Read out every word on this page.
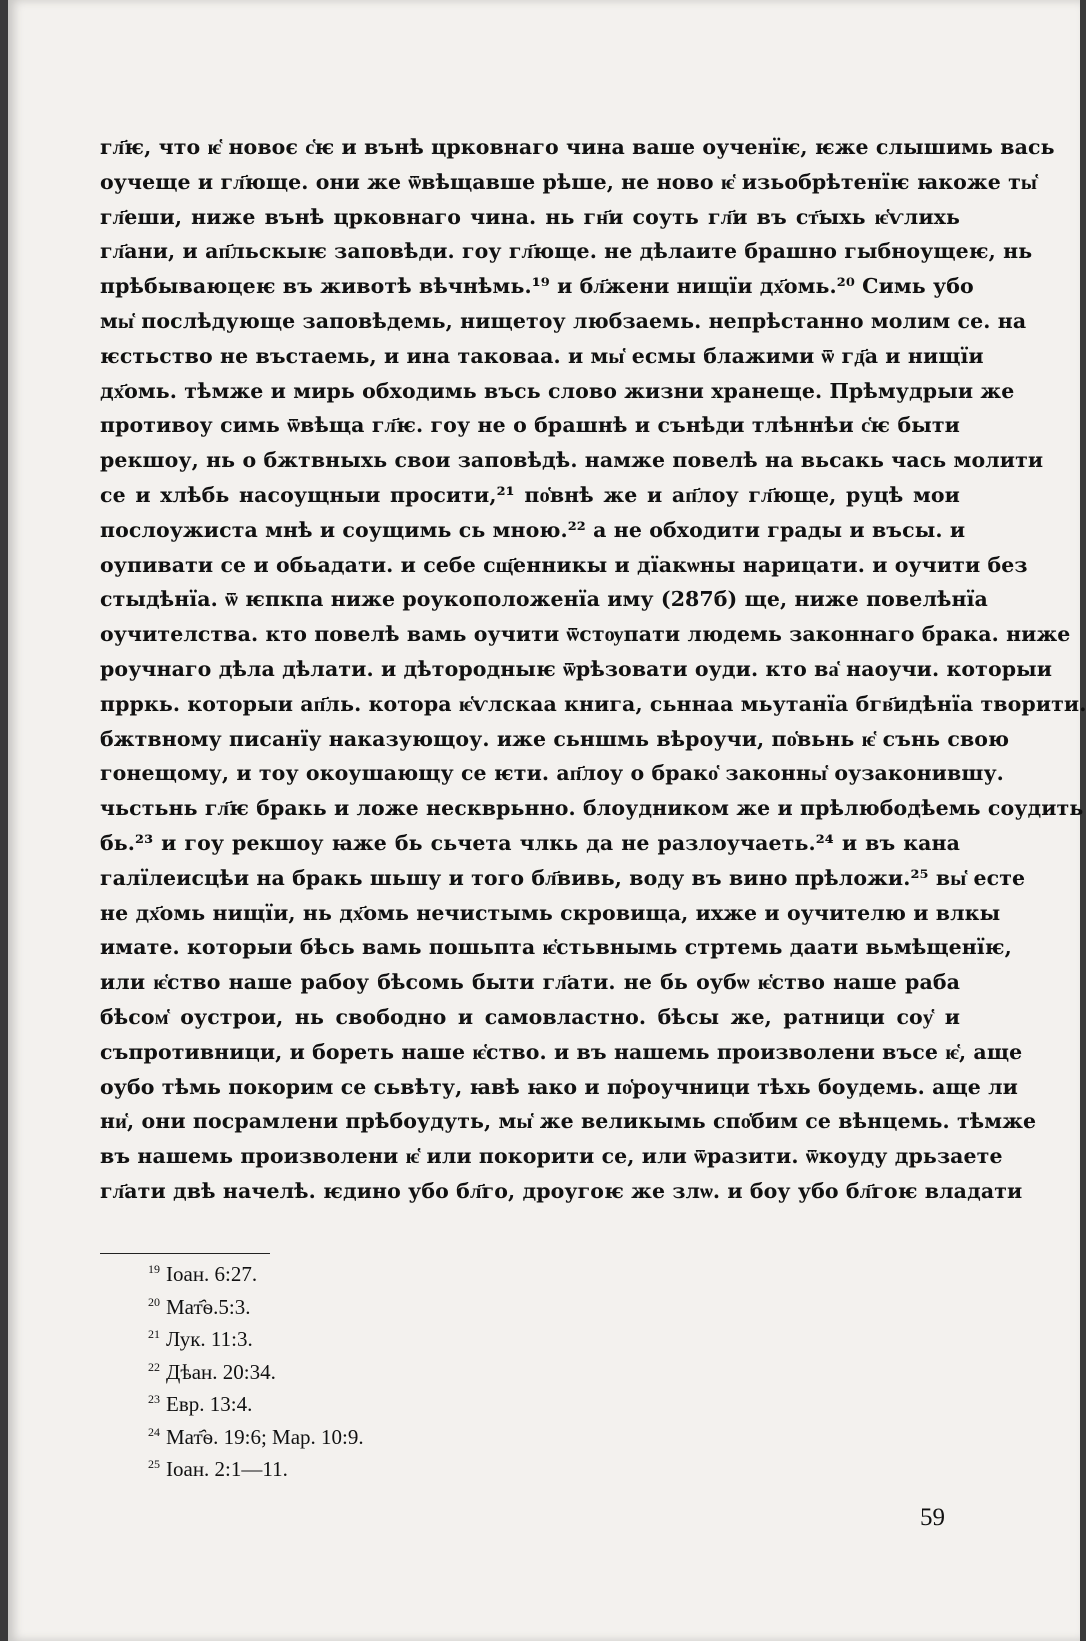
гл҃ѥ, что ѥ҅ новоє с҅ѥ и вънѣ црковнаго чина ваше оученїѥ, ѥже слышимь вась
оучеще и гл҃юще. они же ѿвѣщавше рѣше, не ново ѥ҅ изьобрѣтенїѥ ꙗкоже ты҅
гл҃еши, ниже вънѣ црковнаго чина. нь гн҃и соуть гл҃и въ ст҃ыхь ѥ҅ѵлихь
гл҃ани, и ап҃льскыѥ заповѣди. гоу гл҃юще. не дѣлаите брашно гыбноущеѥ, нь
прѣбываюцеѥ въ животѣ вѣчнѣмь.¹⁹ и бл҃жени нищїи дх҃омь.²⁰ Симь убо
мы҅ послѣдующе заповѣдемь, нищетоу любзаемь. непрѣстанно молим се. на
ѥстьство не въстаемь, и ина таковаа. и мы҅ есмы блажими ѿ гд҃а и нищїи
дх҃омь. тѣмже и мирь обходимь въсь слово жизни хранеще. Прѣмудрыи же
противоу симь ѿвѣща гл҃ѥ. гоу не о брашнѣ и сънѣди тлѣннѣи с҅ѥ быти
рекшоу, нь о бжтвныхь свои заповѣдѣ. намже повелѣ на вьсакь чась молити
се и хлѣбь насоущныи просити,²¹ по҅внѣ же и ап҃лоу гл҃юще, руцѣ мои
послоужиста мнѣ и соущимь сь мною.²² а не обходити грады и въсы. и
оупивати се и обьадати. и себе сщ҃енникы и дїакѡны нарицати. и оучити без
стыдѣнїа. ѿ ѥпкпа ниже роукоположенїа иму (287б) ще, ниже повелѣнїа
оучителства. кто повелѣ вамь оучити ѿстѹпати людемь законнаго брака. ниже
роучнаго дѣла дѣлати. и дѣтородныѥ ѿрѣзовати оуди. кто ва҅ наоучи. которыи
прркь. которыи ап҃ль. котора ѥ҅ѵлскаа книга, сьннаа мьутанїа бгв҃идѣнїа творити.
бжтвному писанїу наказующоу. иже сьншмь вѣроучи, по҅вьнь ѥ҅ сънь свою
гонещому, и тоу окоушающу се ѥти. ап҃лоу о брако҅ законны҅ оузаконившу.
чьстьнь гл҃ѥ бракь и ложе нескврьнно. блоудником же и прѣлюбодѣемь соудить
бь.²³ и гоу рекшоу ꙗже бь сьчета члкь да не разлоучаеть.²⁴ и въ кана
галїлеисцѣи на бракь шьшу и того бл҃вивь, воду въ вино прѣложи.²⁵ вы҅ есте
не дх҃омь нищїи, нь дх҃омь нечистымь скровища, ихже и оучителю и влкы
имате. которыи бѣсь вамь пошьпта ѥ҅стьвнымь стртемь даати вьмѣщенїѥ,
или ѥ҅ство наше рабоу бѣсомь быти гл҃ати. не бь оубѡ ѥ҅ство наше раба
бѣсом҅ оустрои, нь свободно и самовластно. бѣсы же, ратници соу҅ и
съпротивници, и бореть наше ѥ҅ство. и въ нашемь произволени въсе ѥ҅, аще
оубо тѣмь покорим се сьвѣту, ꙗвѣ ꙗко и по҅роучници тѣхь боудемь. аще ли
ни҅, они посрамлени прѣбоудуть, мы҅ же великымь спо҅бим се вѣнцемь. тѣмже
въ нашемь произволени ѥ҅ или покорити се, или ѿразити. ѿкоуду дрьзаете
гл҃ати двѣ начелѣ. ѥдино убо бл҃го, дроугоѥ же злѡ. и боу убо бл҃гоѥ владати
$^{19}$ Іоан. 6:27.
$^{20}$ Мат҄ѳ.5:3.
$^{21}$ Лук. 11:3.
$^{22}$ Дѣан. 20:34.
$^{23}$ Евр. 13:4.
$^{24}$ Мат҄ѳ. 19:6; Мар. 10:9.
$^{25}$ Іоан. 2:1—11.
59
